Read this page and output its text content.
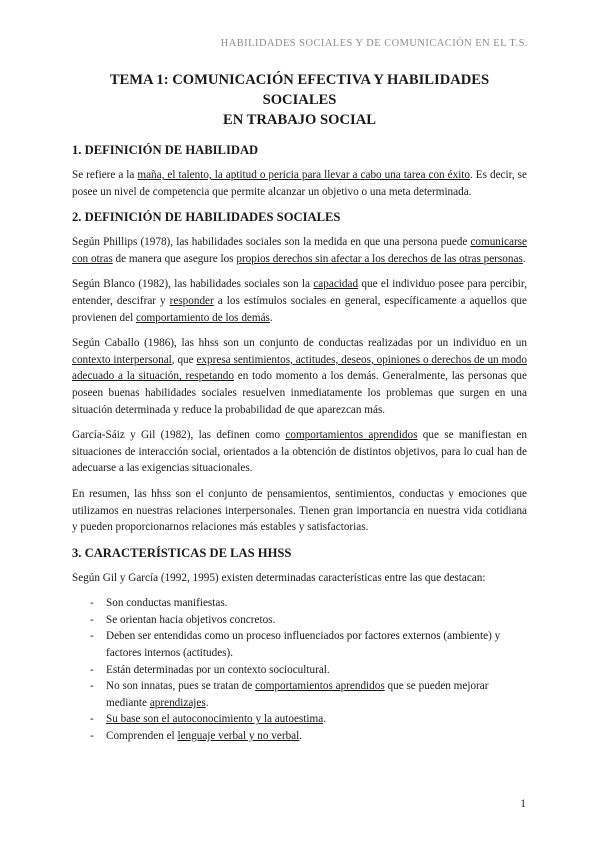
HABILIDADES SOCIALES Y DE COMUNICACIÓN EN EL T.S.
TEMA 1: COMUNICACIÓN EFECTIVA Y HABILIDADES SOCIALES
EN TRABAJO SOCIAL
1. DEFINICIÓN DE HABILIDAD

Se refiere a la maña, el talento, la aptitud o pericia para llevar a cabo una tarea con éxito. Es decir, se posee un nivel de competencia que permite alcanzar un objetivo o una meta determinada.

2. DEFINICIÓN DE HABILIDADES SOCIALES

Según Phillips (1978), las habilidades sociales son la medida en que una persona puede comunicarse con otras de manera que asegure los propios derechos sin afectar a los derechos de las otras personas.

Según Blanco (1982), las habilidades sociales son la capacidad que el individuo posee para percibir, entender, descifrar y responder a los estímulos sociales en general, específicamente a aquellos que provienen del comportamiento de los demás.

Según Caballo (1986), las hhss son un conjunto de conductas realizadas por un individuo en un contexto interpersonal, que expresa sentimientos, actitudes, deseos, opiniones o derechos de un modo adecuado a la situación, respetando en todo momento a los demás. Generalmente, las personas que poseen buenas habilidades sociales resuelven inmediatamente los problemas que surgen en una situación determinada y reduce la probabilidad de que aparezcan más.

García-Sáiz y Gil (1982), las definen como comportamientos aprendidos que se manifiestan en situaciones de interacción social, orientados a la obtención de distintos objetivos, para lo cual han de adecuarse a las exigencias situacionales.

En resumen, las hhss son el conjunto de pensamientos, sentimientos, conductas y emociones que utilizamos en nuestras relaciones interpersonales. Tienen gran importancia en nuestra vida cotidiana y pueden proporcionarnos relaciones más estables y satisfactorias.

3. CARACTERÍSTICAS DE LAS HHSS

Según Gil y García (1992, 1995) existen determinadas características entre las que destacan:

- Son conductas manifiestas.
- Se orientan hacia objetivos concretos.
- Deben ser entendidas como un proceso influenciados por factores externos (ambiente) y factores internos (actitudes).
- Están determinadas por un contexto sociocultural.
- No son innatas, pues se tratan de comportamientos aprendidos que se pueden mejorar mediante aprendizajes.
- Su base son el autoconocimiento y la autoestima.
- Comprenden el lenguaje verbal y no verbal.
1
